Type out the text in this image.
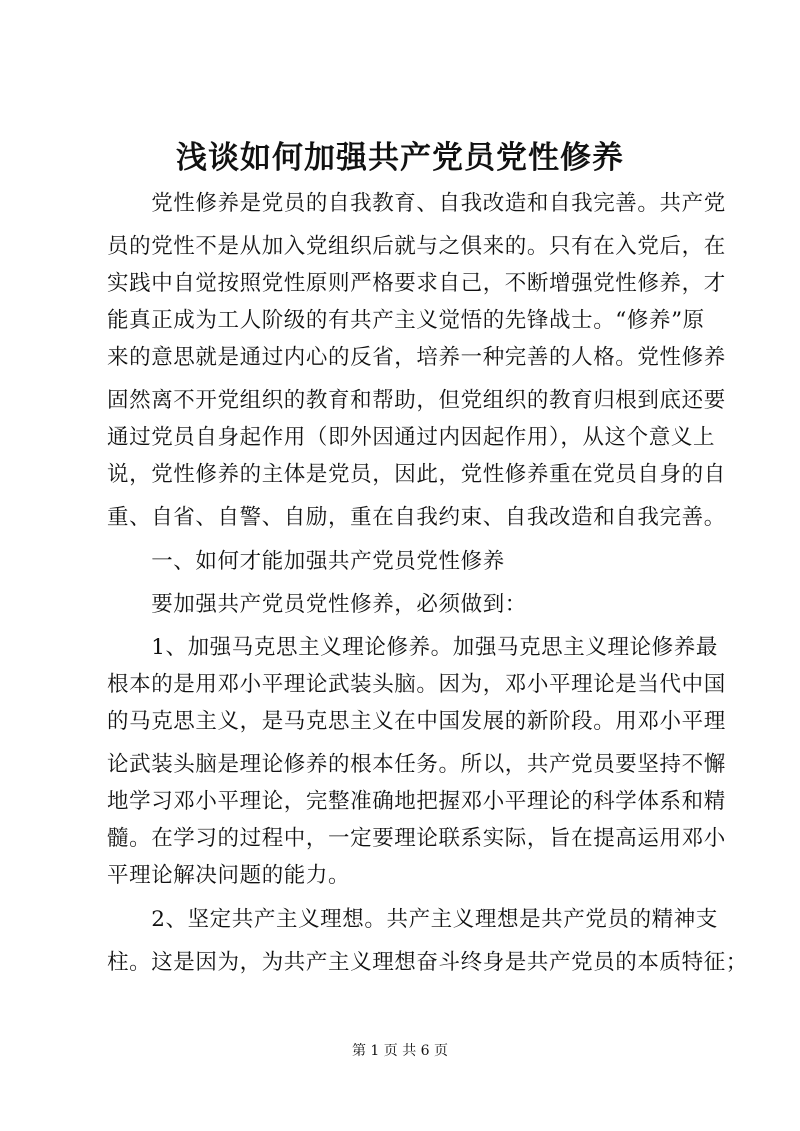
浅谈如何加强共产党员党性修养
　　党性修养是党员的自我教育、自我改造和自我完善。共产党
员的党性不是从加入党组织后就与之俱来的。只有在入党后，在
实践中自觉按照党性原则严格要求自己，不断增强党性修养，才
能真正成为工人阶级的有共产主义觉悟的先锋战士。“修养”原
来的意思就是通过内心的反省，培养一种完善的人格。党性修养
固然离不开党组织的教育和帮助，但党组织的教育归根到底还要
通过党员自身起作用（即外因通过内因起作用），从这个意义上
说，党性修养的主体是党员，因此，党性修养重在党员自身的自
重、自省、自警、自励，重在自我约束、自我改造和自我完善。
　　一、如何才能加强共产党员党性修养
　　要加强共产党员党性修养，必须做到：
　　1、加强马克思主义理论修养。加强马克思主义理论修养最
根本的是用邓小平理论武装头脑。因为，邓小平理论是当代中国
的马克思主义，是马克思主义在中国发展的新阶段。用邓小平理
论武装头脑是理论修养的根本任务。所以，共产党员要坚持不懈
地学习邓小平理论，完整准确地把握邓小平理论的科学体系和精
髓。在学习的过程中，一定要理论联系实际，旨在提高运用邓小
平理论解决问题的能力。
　　2、坚定共产主义理想。共产主义理想是共产党员的精神支
柱。这是因为，为共产主义理想奋斗终身是共产党员的本质特征；
第 1 页 共 6 页
